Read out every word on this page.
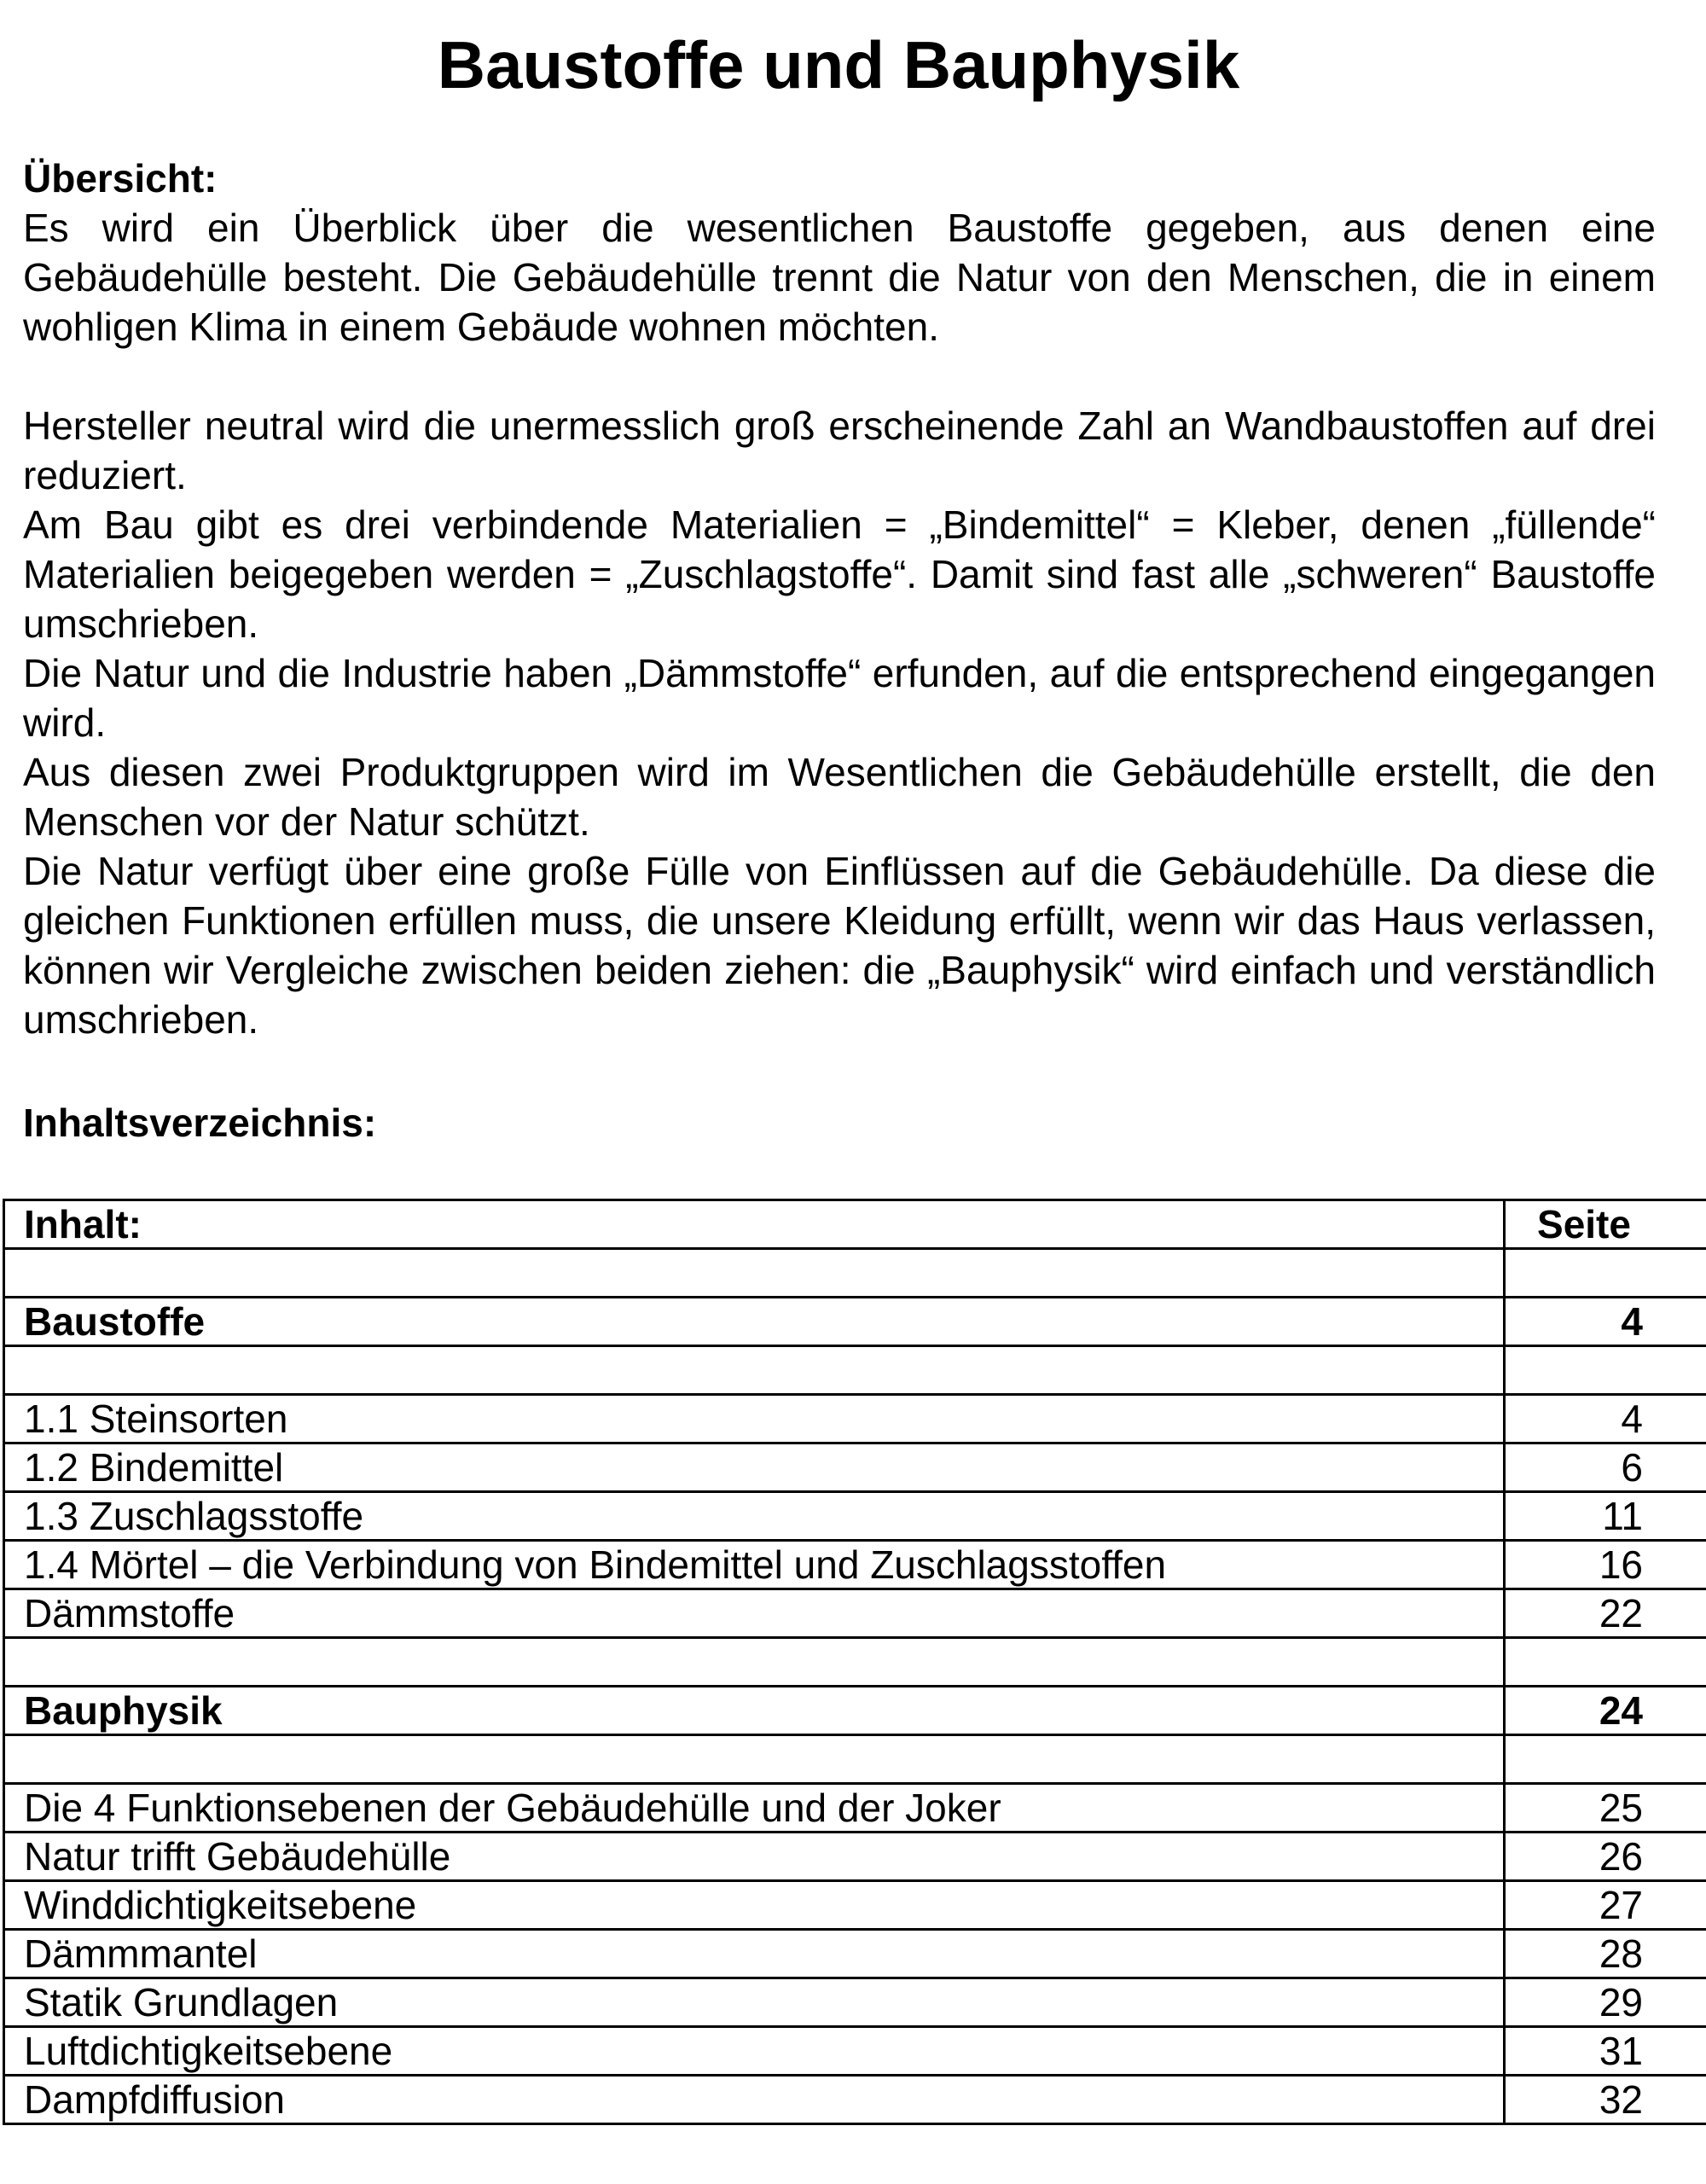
Baustoffe und Bauphysik

Übersicht:

Es wird ein Überblick über die wesentlichen Baustoffe gegeben, aus denen eine Gebäudehülle besteht. Die Gebäudehülle trennt die Natur von den Menschen, die in einem wohligen Klima in einem Gebäude wohnen möchten.

Hersteller neutral wird die unermesslich groß erscheinende Zahl an Wandbaustoffen auf drei reduziert.

Am Bau gibt es drei verbindende Materialien = „Bindemittel“ = Kleber, denen „füllende“ Materialien beigegeben werden = „Zuschlagstoffe“. Damit sind fast alle „schweren“ Baustoffe umschrieben.

Die Natur und die Industrie haben „Dämmstoffe“ erfunden, auf die entsprechend eingegangen wird.

Aus diesen zwei Produktgruppen wird im Wesentlichen die Gebäudehülle erstellt, die den Menschen vor der Natur schützt.

Die Natur verfügt über eine große Fülle von Einflüssen auf die Gebäudehülle. Da diese die gleichen Funktionen erfüllen muss, die unsere Kleidung erfüllt, wenn wir das Haus verlassen, können wir Vergleiche zwischen beiden ziehen: die „Bauphysik“ wird einfach und verständlich umschrieben.

Inhaltsverzeichnis:

Inhalt:	Seite

Baustoffe	4

1.1 Steinsorten	4
1.2 Bindemittel	6
1.3 Zuschlagsstoffe	11
1.4 Mörtel – die Verbindung von Bindemittel und Zuschlagsstoffen	16
Dämmstoffe	22

Bauphysik	24

Die 4 Funktionsebenen der Gebäudehülle und der Joker	25
Natur trifft Gebäudehülle	26
Winddichtigkeitsebene	27
Dämmmantel	28
Statik Grundlagen	29
Luftdichtigkeitsebene	31
Dampfdiffusion	32
